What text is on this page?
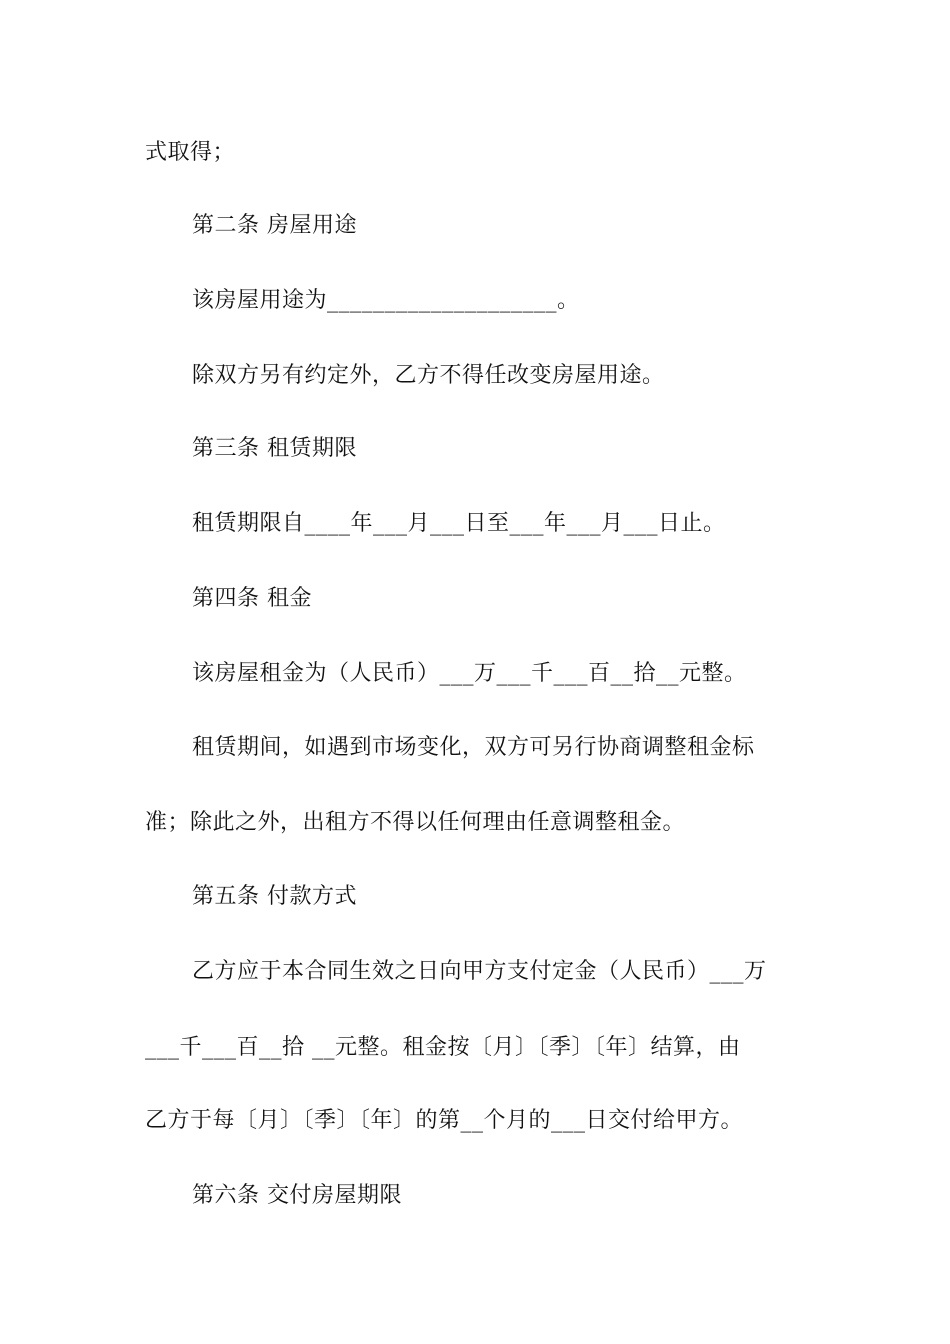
式取得；
第二条 房屋用途
该房屋用途为____________________。
除双方另有约定外，乙方不得任改变房屋用途。
第三条 租赁期限
租赁期限自____年___月___日至___年___月___日止。
第四条 租金
该房屋租金为（人民币）___万___千___百__拾__元整。
租赁期间，如遇到市场变化，双方可另行协商调整租金标
准；除此之外，出租方不得以任何理由任意调整租金。
第五条 付款方式
乙方应于本合同生效之日向甲方支付定金（人民币）___万
___千___百__拾 __元整。租金按〔月〕〔季〕〔年〕结算，由
乙方于每〔月〕〔季〕〔年〕的第__个月的___日交付给甲方。
第六条 交付房屋期限
